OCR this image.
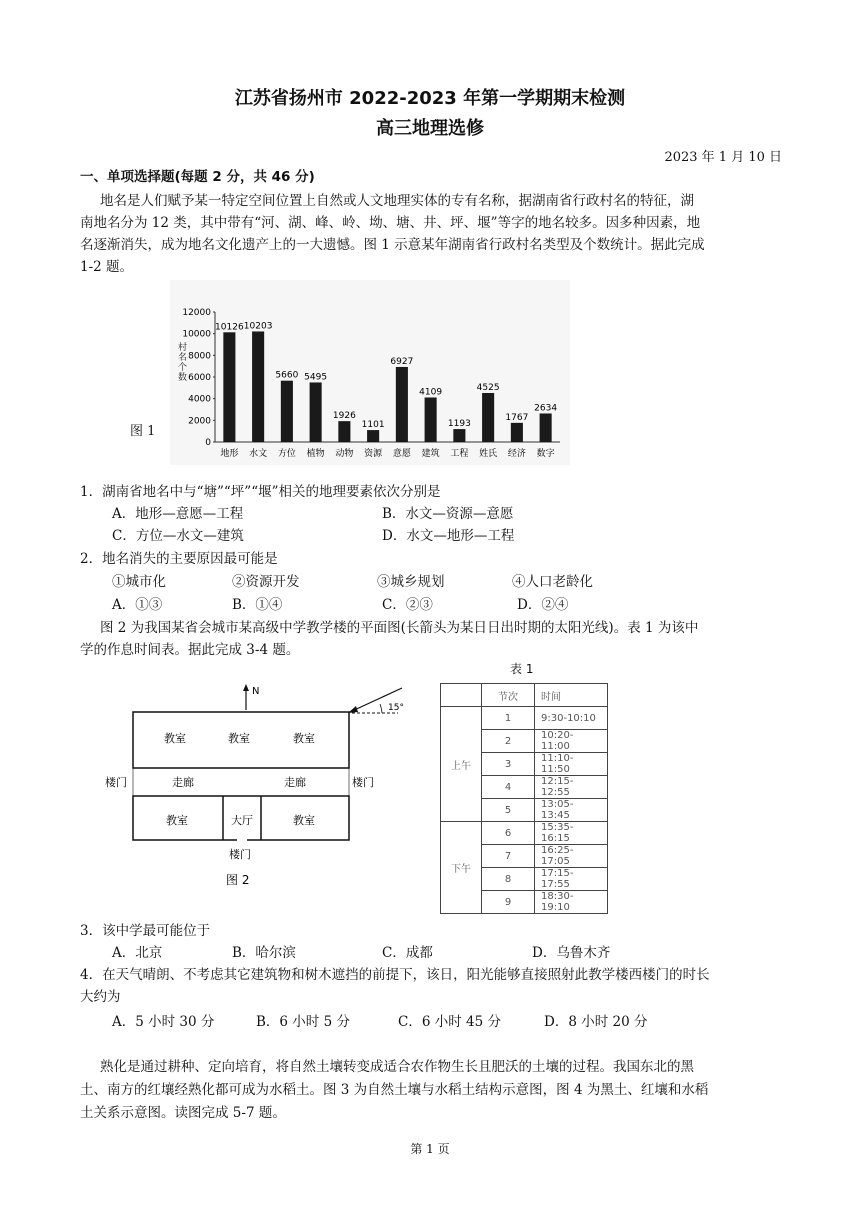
江苏省扬州市 2022-2023 年第一学期期末检测
高三地理选修
2023 年 1 月 10 日
一、单项选择题(每题 2 分，共 46 分)
地名是人们赋予某一特定空间位置上自然或人文地理实体的专有名称，据湖南省行政村名的特征，湖
南地名分为 12 类，其中带有“河、湖、峰、岭、坳、塘、井、坪、堰”等字的地名较多。因多种因素，地
名逐渐消失，成为地名文化遗产上的一大遗憾。图 1 示意某年湖南省行政村名类型及个数统计。据此完成
1-2 题。
图 1
0
2000
4000
6000
8000
10000
12000
10126 10203
5660 5495
1926
1101
6927
4109
1193
4525
1767
2634
地形 水文 方位 植物 动物 资源 意愿 建筑 工程 姓氏 经济 数字
村名个数
1．湖南省地名中与“塘”“坪”“堰”相关的地理要素依次分别是
A．地形—意愿—工程	B．水文—资源—意愿
C．方位—水文—建筑	D．水文—地形—工程
2．地名消失的主要原因最可能是
①城市化	②资源开发	③城乡规划	④人口老龄化
A．①③	B．①④	C．②③	D．②④
图 2 为我国某省会城市某高级中学教学楼的平面图(长箭头为某日日出时期的太阳光线)。表 1 为该中
学的作息时间表。据此完成 3-4 题。
N
15°
教室	教室	教室
走廊	走廊
楼门	楼门
教室	大厅	教室
楼门
图 2
表 1
	节次	时间
上午	1	9:30-10:10
	2	10:20-11:00
	3	11:10-11:50
	4	12:15-12:55
	5	13:05-13:45
下午	6	15:35-16:15
	7	16:25-17:05
	8	17:15-17:55
	9	18:30-19:10
3．该中学最可能位于
A．北京	B．哈尔滨	C．成都	D．乌鲁木齐
4．在天气晴朗、不考虑其它建筑物和树木遮挡的前提下，该日，阳光能够直接照射此教学楼西楼门的时长
大约为
A．5 小时 30 分	B．6 小时 5 分	C．6 小时 45 分	D．8 小时 20 分
熟化是通过耕种、定向培育，将自然土壤转变成适合农作物生长且肥沃的土壤的过程。我国东北的黑
土、南方的红壤经熟化都可成为水稻土。图 3 为自然土壤与水稻土结构示意图，图 4 为黑土、红壤和水稻
土关系示意图。读图完成 5-7 题。
第 1 页
